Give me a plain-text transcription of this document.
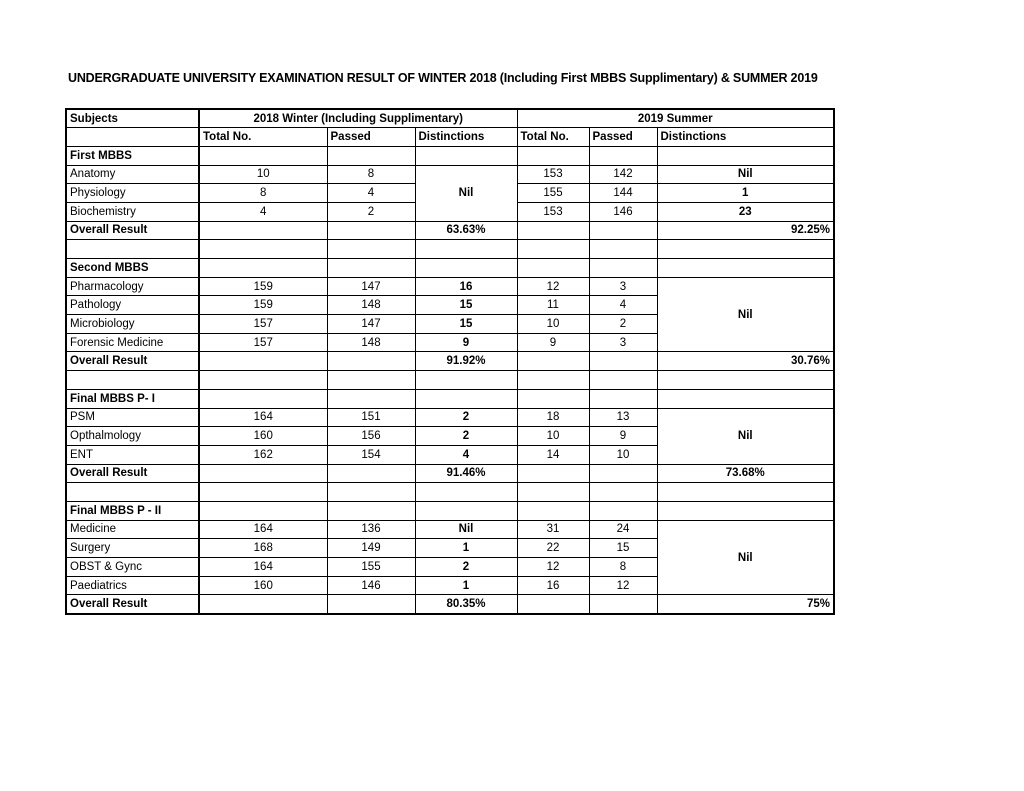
UNDERGRADUATE UNIVERSITY EXAMINATION RESULT OF WINTER 2018 (Including First MBBS Supplimentary) & SUMMER 2019
Subjects	2018 Winter (Including Supplimentary)			2019 Summer		
	Total No.	Passed	Distinctions	Total No.	Passed	Distinctions
First MBBS						
Anatomy	10	8	Nil	153	142	Nil
Physiology	8	4		155	144	1
Biochemistry	4	2		153	146	23
Overall Result			63.63%			92.25%

Second MBBS						
Pharmacology	159	147	16	12	3	Nil
Pathology	159	148	15	11	4	
Microbiology	157	147	15	10	2	
Forensic Medicine	157	148	9	9	3	
Overall Result			91.92%			30.76%

Final MBBS P- I						
PSM	164	151	2	18	13	Nil
Opthalmology	160	156	2	10	9	
ENT	162	154	4	14	10	
Overall Result			91.46%			73.68%

Final MBBS P - II						
Medicine	164	136	Nil	31	24	Nil
Surgery	168	149	1	22	15	
OBST & Gync	164	155	2	12	8	
Paediatrics	160	146	1	16	12	
Overall Result			80.35%			75%
